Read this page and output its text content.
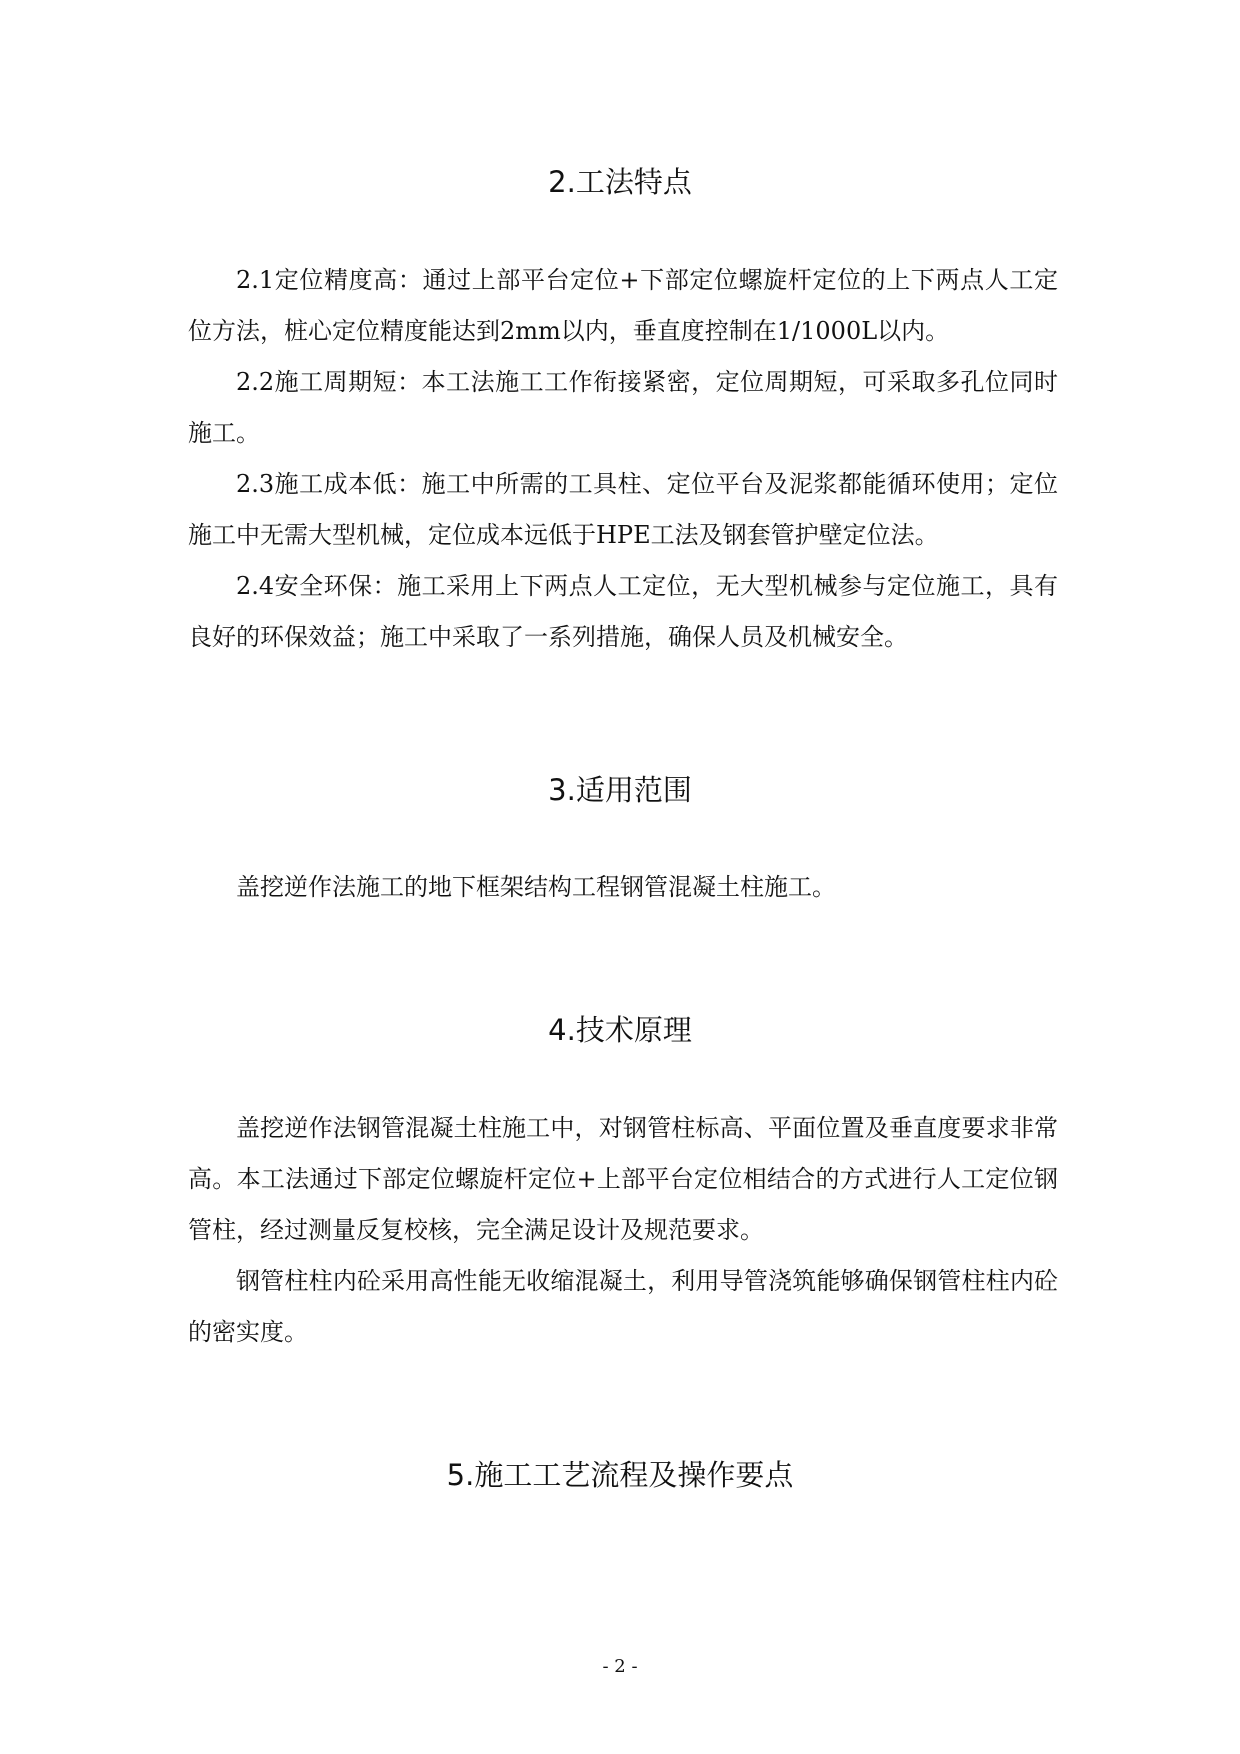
2.工法特点

2.1定位精度高：通过上部平台定位+下部定位螺旋杆定位的上下两点人工定位方法，桩心定位精度能达到2mm以内，垂直度控制在1/1000L以内。

2.2施工周期短：本工法施工工作衔接紧密，定位周期短，可采取多孔位同时施工。

2.3施工成本低：施工中所需的工具柱、定位平台及泥浆都能循环使用；定位施工中无需大型机械，定位成本远低于HPE工法及钢套管护壁定位法。

2.4安全环保：施工采用上下两点人工定位，无大型机械参与定位施工，具有良好的环保效益；施工中采取了一系列措施，确保人员及机械安全。

3.适用范围

盖挖逆作法施工的地下框架结构工程钢管混凝土柱施工。

4.技术原理

盖挖逆作法钢管混凝土柱施工中，对钢管柱标高、平面位置及垂直度要求非常高。本工法通过下部定位螺旋杆定位+上部平台定位相结合的方式进行人工定位钢管柱，经过测量反复校核，完全满足设计及规范要求。

钢管柱柱内砼采用高性能无收缩混凝土，利用导管浇筑能够确保钢管柱柱内砼的密实度。

5.施工工艺流程及操作要点
- 2 -
